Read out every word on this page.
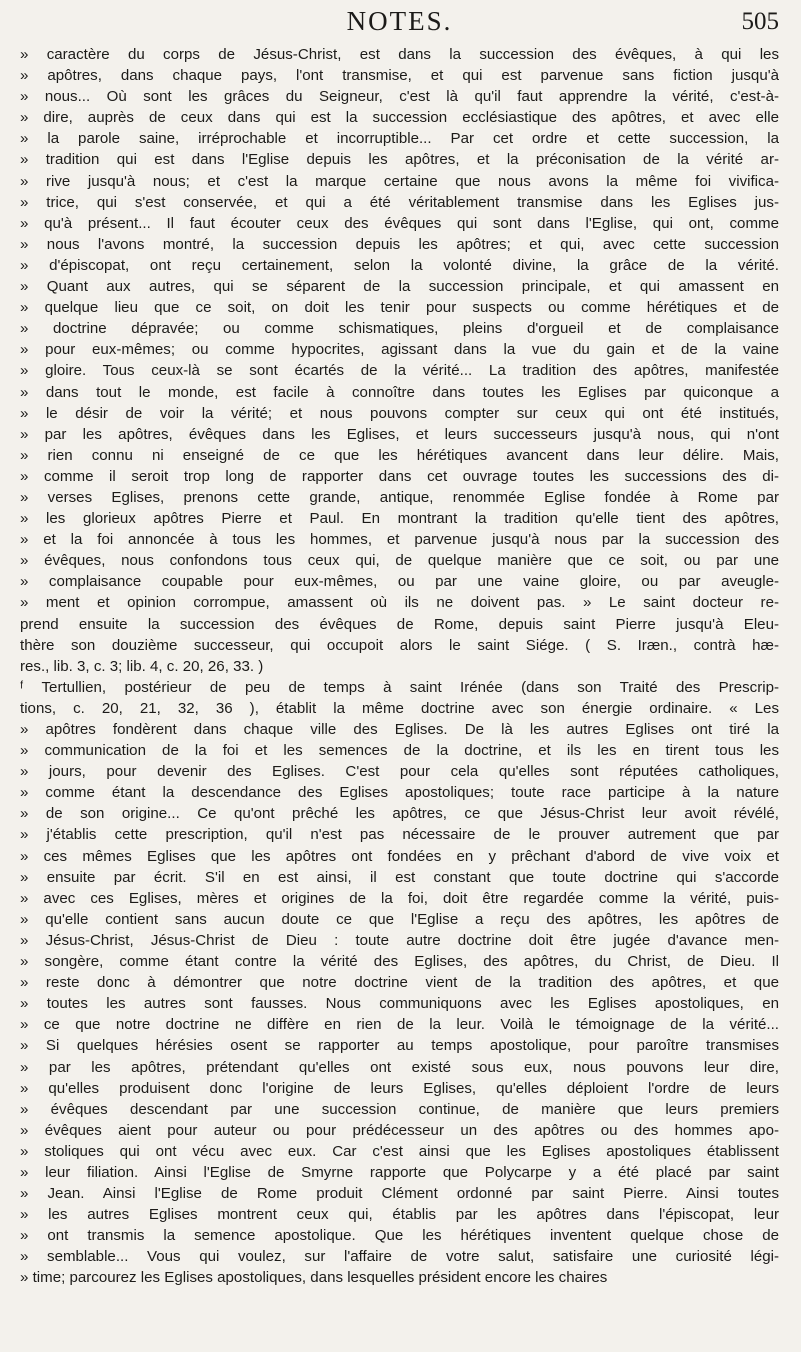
NOTES.	505
» caractère du corps de Jésus-Christ, est dans la succession des évêques, à qui les
» apôtres, dans chaque pays, l'ont transmise, et qui est parvenue sans fiction jusqu'à
» nous... Où sont les grâces du Seigneur, c'est là qu'il faut apprendre la vérité, c'est-à-
» dire, auprès de ceux dans qui est la succession ecclésiastique des apôtres, et avec elle
» la parole saine, irréprochable et incorruptible... Par cet ordre et cette succession, la
» tradition qui est dans l'Eglise depuis les apôtres, et la préconisation de la vérité ar-
» rive jusqu'à nous; et c'est la marque certaine que nous avons la même foi vivifica-
» trice, qui s'est conservée, et qui a été véritablement transmise dans les Eglises jus-
» qu'à présent... Il faut écouter ceux des évêques qui sont dans l'Eglise, qui ont, comme
» nous l'avons montré, la succession depuis les apôtres; et qui, avec cette succession
» d'épiscopat, ont reçu certainement, selon la volonté divine, la grâce de la vérité.
» Quant aux autres, qui se séparent de la succession principale, et qui amassent en
» quelque lieu que ce soit, on doit les tenir pour suspects ou comme hérétiques et de
» doctrine dépravée; ou comme schismatiques, pleins d'orgueil et de complaisance
» pour eux-mêmes; ou comme hypocrites, agissant dans la vue du gain et de la vaine
» gloire. Tous ceux-là se sont écartés de la vérité... La tradition des apôtres, manifestée
» dans tout le monde, est facile à connoître dans toutes les Eglises par quiconque a
» le désir de voir la vérité; et nous pouvons compter sur ceux qui ont été institués,
» par les apôtres, évêques dans les Eglises, et leurs successeurs jusqu'à nous, qui n'ont
» rien connu ni enseigné de ce que les hérétiques avancent dans leur délire. Mais,
» comme il seroit trop long de rapporter dans cet ouvrage toutes les successions des di-
» verses Eglises, prenons cette grande, antique, renommée Eglise fondée à Rome par
» les glorieux apôtres Pierre et Paul. En montrant la tradition qu'elle tient des apôtres,
» et la foi annoncée à tous les hommes, et parvenue jusqu'à nous par la succession des
» évêques, nous confondons tous ceux qui, de quelque manière que ce soit, ou par une
» complaisance coupable pour eux-mêmes, ou par une vaine gloire, ou par aveugle-
» ment et opinion corrompue, amassent où ils ne doivent pas. » Le saint docteur re-
prend ensuite la succession des évêques de Rome, depuis saint Pierre jusqu'à Eleu-
thère son douzième successeur, qui occupoit alors le saint Siége. ( S. Iræn., contrà hæ-
res., lib. 3, c. 3; lib. 4, c. 20, 26, 33. )
ᶠ Tertullien, postérieur de peu de temps à saint Irénée (dans son Traité des Prescrip-
tions, c. 20, 21, 32, 36 ), établit la même doctrine avec son énergie ordinaire. « Les
» apôtres fondèrent dans chaque ville des Eglises. De là les autres Eglises ont tiré la
» communication de la foi et les semences de la doctrine, et ils les en tirent tous les
» jours, pour devenir des Eglises. C'est pour cela qu'elles sont réputées catholiques,
» comme étant la descendance des Eglises apostoliques; toute race participe à la nature
» de son origine... Ce qu'ont prêché les apôtres, ce que Jésus-Christ leur avoit révélé,
» j'établis cette prescription, qu'il n'est pas nécessaire de le prouver autrement que par
» ces mêmes Eglises que les apôtres ont fondées en y prêchant d'abord de vive voix et
» ensuite par écrit. S'il en est ainsi, il est constant que toute doctrine qui s'accorde
» avec ces Eglises, mères et origines de la foi, doit être regardée comme la vérité, puis-
» qu'elle contient sans aucun doute ce que l'Eglise a reçu des apôtres, les apôtres de
» Jésus-Christ, Jésus-Christ de Dieu : toute autre doctrine doit être jugée d'avance men-
» songère, comme étant contre la vérité des Eglises, des apôtres, du Christ, de Dieu. Il
» reste donc à démontrer que notre doctrine vient de la tradition des apôtres, et que
» toutes les autres sont fausses. Nous communiquons avec les Eglises apostoliques, en
» ce que notre doctrine ne diffère en rien de la leur. Voilà le témoignage de la vérité...
» Si quelques hérésies osent se rapporter au temps apostolique, pour paroître transmises
» par les apôtres, prétendant qu'elles ont existé sous eux, nous pouvons leur dire,
» qu'elles produisent donc l'origine de leurs Eglises, qu'elles déploient l'ordre de leurs
» évêques descendant par une succession continue, de manière que leurs premiers
» évêques aient pour auteur ou pour prédécesseur un des apôtres ou des hommes apo-
» stoliques qui ont vécu avec eux. Car c'est ainsi que les Eglises apostoliques établissent
» leur filiation. Ainsi l'Eglise de Smyrne rapporte que Polycarpe y a été placé par saint
» Jean. Ainsi l'Eglise de Rome produit Clément ordonné par saint Pierre. Ainsi toutes
» les autres Eglises montrent ceux qui, établis par les apôtres dans l'épiscopat, leur
» ont transmis la semence apostolique. Que les hérétiques inventent quelque chose de
» semblable... Vous qui voulez, sur l'affaire de votre salut, satisfaire une curiosité légi-
» time; parcourez les Eglises apostoliques, dans lesquelles président encore les chaires
